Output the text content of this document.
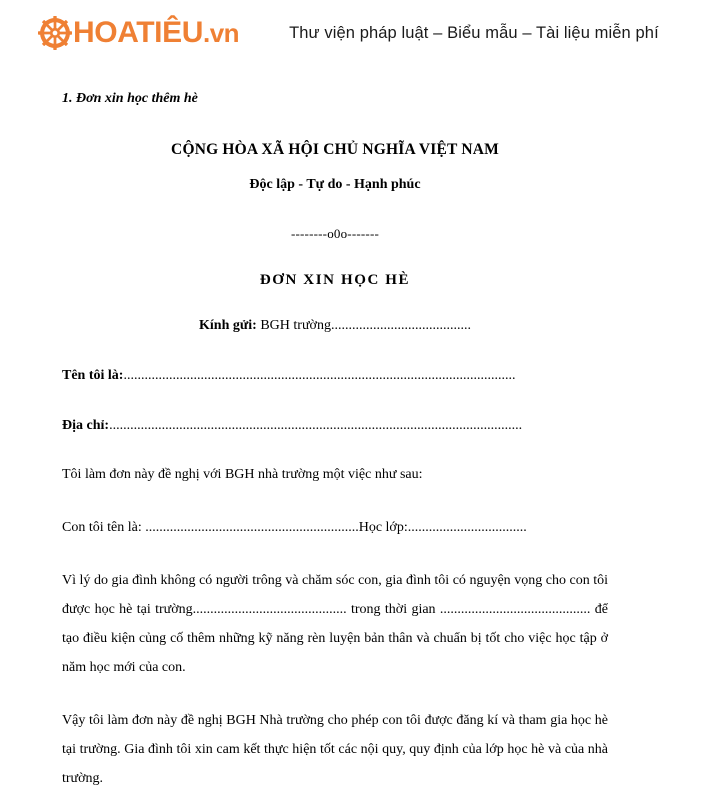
HOATIÊU.vn	Thư viện pháp luật – Biểu mẫu – Tài liệu miễn phí
1. Đơn xin học thêm hè
CỘNG HÒA XÃ HỘI CHỦ NGHĨA VIỆT NAM
Độc lập - Tự do - Hạnh phúc
--------o0o-------
ĐƠN XIN HỌC HÈ
Kính gửi: BGH trường........................................
Tên tôi là:................................................................................................................
Địa chỉ:......................................................................................................................
Tôi làm đơn này đề nghị với BGH nhà trường một việc như sau:
Con tôi tên là: .............................................................Học lớp:..................................
Vì lý do gia đình không có người trông và chăm sóc con, gia đình tôi có nguyện vọng cho con tôi được học hè tại trường............................................ trong thời gian ........................................... để tạo điều kiện củng cố thêm những kỹ năng rèn luyện bản thân và chuẩn bị tốt cho việc học tập ở năm học mới của con.
Vậy tôi làm đơn này đề nghị BGH Nhà trường cho phép con tôi được đăng kí và tham gia học hè tại trường. Gia đình tôi xin cam kết thực hiện tốt các nội quy, quy định của lớp học hè và của nhà trường.
